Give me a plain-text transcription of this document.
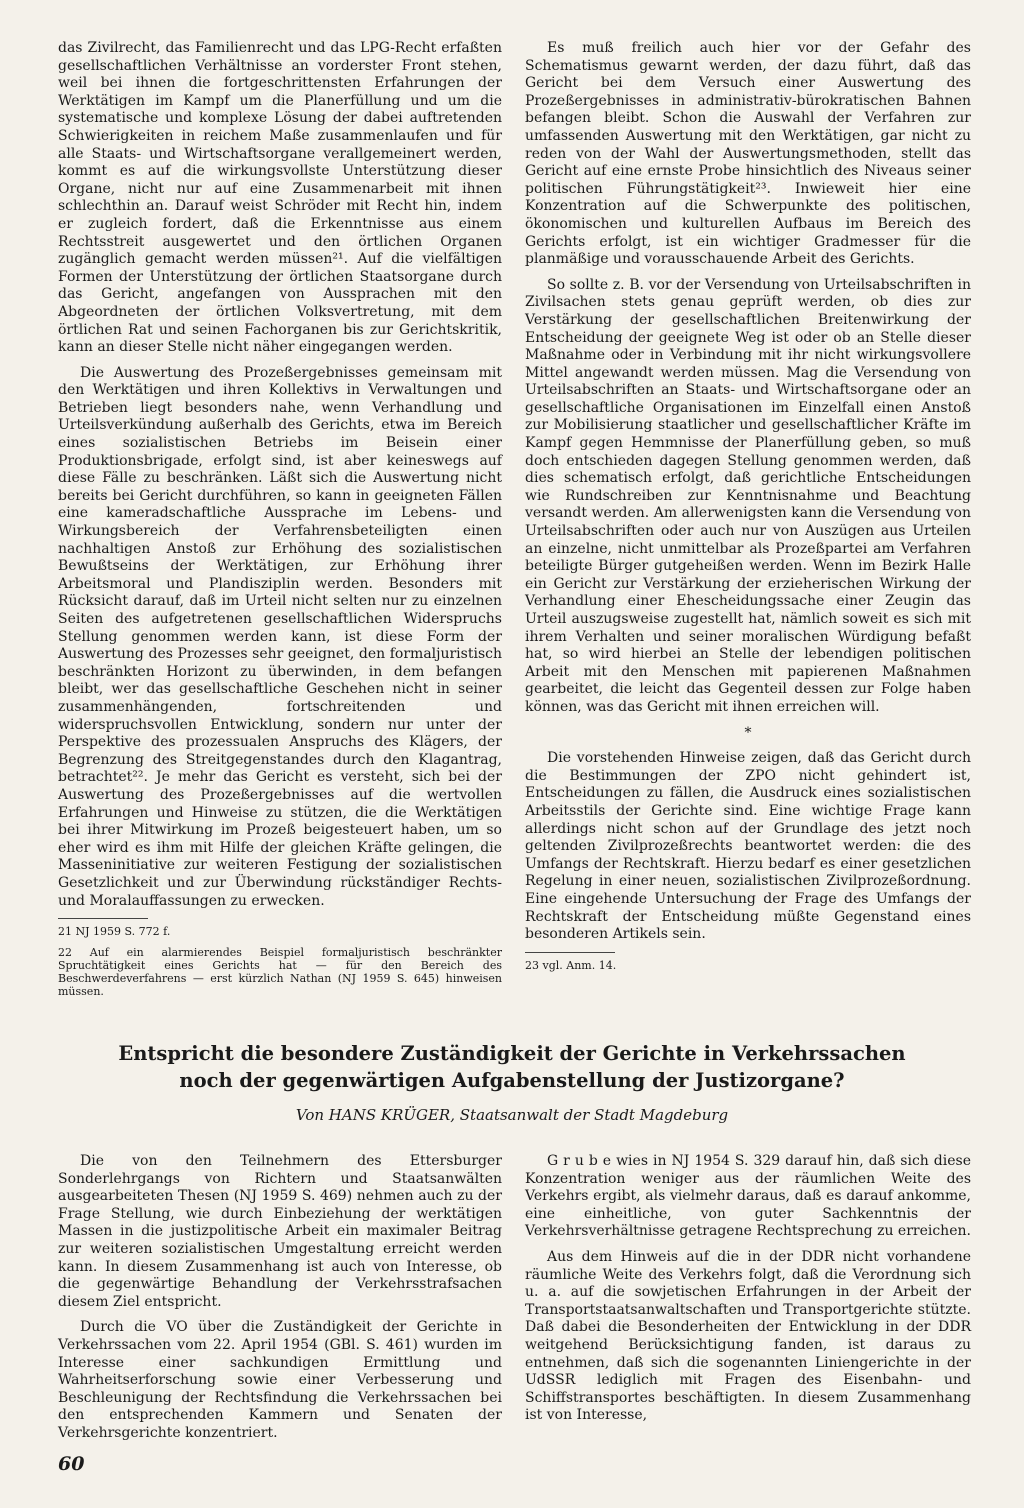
das Zivilrecht, das Familienrecht und das LPG-Recht erfaßten gesellschaftlichen Verhältnisse an vorderster Front stehen, weil bei ihnen die fortgeschrittensten Erfahrungen der Werktätigen im Kampf um die Planerfüllung und um die systematische und komplexe Lösung der dabei auftretenden Schwierigkeiten in reichem Maße zusammenlaufen und für alle Staats- und Wirtschaftsorgane verallgemeinert werden, kommt es auf die wirkungsvollste Unterstützung dieser Organe, nicht nur auf eine Zusammenarbeit mit ihnen schlechthin an. Darauf weist Schröder mit Recht hin, indem er zugleich fordert, daß die Erkenntnisse aus einem Rechtsstreit ausgewertet und den örtlichen Organen zugänglich gemacht werden müssen²¹. Auf die vielfältigen Formen der Unterstützung der örtlichen Staatsorgane durch das Gericht, angefangen von Aussprachen mit den Abgeordneten der örtlichen Volksvertretung, mit dem örtlichen Rat und seinen Fachorganen bis zur Gerichtskritik, kann an dieser Stelle nicht näher eingegangen werden.

Die Auswertung des Prozeßergebnisses gemeinsam mit den Werktätigen und ihren Kollektivs in Verwaltungen und Betrieben liegt besonders nahe, wenn Verhandlung und Urteilsverkündung außerhalb des Gerichts, etwa im Bereich eines sozialistischen Betriebs im Beisein einer Produktionsbrigade, erfolgt sind, ist aber keineswegs auf diese Fälle zu beschränken. Läßt sich die Auswertung nicht bereits bei Gericht durchführen, so kann in geeigneten Fällen eine kameradschaftliche Aussprache im Lebens- und Wirkungsbereich der Verfahrensbeteiligten einen nachhaltigen Anstoß zur Erhöhung des sozialistischen Bewußtseins der Werktätigen, zur Erhöhung ihrer Arbeitsmoral und Plandisziplin werden. Besonders mit Rücksicht darauf, daß im Urteil nicht selten nur zu einzelnen Seiten des aufgetretenen gesellschaftlichen Widerspruchs Stellung genommen werden kann, ist diese Form der Auswertung des Prozesses sehr geeignet, den formaljuristisch beschränkten Horizont zu überwinden, in dem befangen bleibt, wer das gesellschaftliche Geschehen nicht in seiner zusammenhängenden, fortschreitenden und widerspruchsvollen Entwicklung, sondern nur unter der Perspektive des prozessualen Anspruchs des Klägers, der Begrenzung des Streitgegenstandes durch den Klagantrag, betrachtet²². Je mehr das Gericht es versteht, sich bei der Auswertung des Prozeßergebnisses auf die wertvollen Erfahrungen und Hinweise zu stützen, die die Werktätigen bei ihrer Mitwirkung im Prozeß beigesteuert haben, um so eher wird es ihm mit Hilfe der gleichen Kräfte gelingen, die Masseninitiative zur weiteren Festigung der sozialistischen Gesetzlichkeit und zur Überwindung rückständiger Rechts- und Moralauffassungen zu erwecken.

21 NJ 1959 S. 772 f.

22 Auf ein alarmierendes Beispiel formaljuristisch beschränkter Spruchtätigkeit eines Gerichts hat — für den Bereich des Beschwerdeverfahrens — erst kürzlich Nathan (NJ 1959 S. 645) hinweisen müssen.

Es muß freilich auch hier vor der Gefahr des Schematismus gewarnt werden, der dazu führt, daß das Gericht bei dem Versuch einer Auswertung des Prozeßergebnisses in administrativ-bürokratischen Bahnen befangen bleibt. Schon die Auswahl der Verfahren zur umfassenden Auswertung mit den Werktätigen, gar nicht zu reden von der Wahl der Auswertungsmethoden, stellt das Gericht auf eine ernste Probe hinsichtlich des Niveaus seiner politischen Führungstätigkeit²³. Inwieweit hier eine Konzentration auf die Schwerpunkte des politischen, ökonomischen und kulturellen Aufbaus im Bereich des Gerichts erfolgt, ist ein wichtiger Gradmesser für die planmäßige und vorausschauende Arbeit des Gerichts.

So sollte z. B. vor der Versendung von Urteilsabschriften in Zivilsachen stets genau geprüft werden, ob dies zur Verstärkung der gesellschaftlichen Breitenwirkung der Entscheidung der geeignete Weg ist oder ob an Stelle dieser Maßnahme oder in Verbindung mit ihr nicht wirkungsvollere Mittel angewandt werden müssen. Mag die Versendung von Urteilsabschriften an Staats- und Wirtschaftsorgane oder an gesellschaftliche Organisationen im Einzelfall einen Anstoß zur Mobilisierung staatlicher und gesellschaftlicher Kräfte im Kampf gegen Hemmnisse der Planerfüllung geben, so muß doch entschieden dagegen Stellung genommen werden, daß dies schematisch erfolgt, daß gerichtliche Entscheidungen wie Rundschreiben zur Kenntnisnahme und Beachtung versandt werden. Am allerwenigsten kann die Versendung von Urteilsabschriften oder auch nur von Auszügen aus Urteilen an einzelne, nicht unmittelbar als Prozeßpartei am Verfahren beteiligte Bürger gutgeheißen werden. Wenn im Bezirk Halle ein Gericht zur Verstärkung der erzieherischen Wirkung der Verhandlung einer Ehescheidungssache einer Zeugin das Urteil auszugsweise zugestellt hat, nämlich soweit es sich mit ihrem Verhalten und seiner moralischen Würdigung befaßt hat, so wird hierbei an Stelle der lebendigen politischen Arbeit mit den Menschen mit papierenen Maßnahmen gearbeitet, die leicht das Gegenteil dessen zur Folge haben können, was das Gericht mit ihnen erreichen will.

*

Die vorstehenden Hinweise zeigen, daß das Gericht durch die Bestimmungen der ZPO nicht gehindert ist, Entscheidungen zu fällen, die Ausdruck eines sozialistischen Arbeitsstils der Gerichte sind. Eine wichtige Frage kann allerdings nicht schon auf der Grundlage des jetzt noch geltenden Zivilprozeßrechts beantwortet werden: die des Umfangs der Rechtskraft. Hierzu bedarf es einer gesetzlichen Regelung in einer neuen, sozialistischen Zivilprozeßordnung. Eine eingehende Untersuchung der Frage des Umfangs der Rechtskraft der Entscheidung müßte Gegenstand eines besonderen Artikels sein.

23 vgl. Anm. 14.

Entspricht die besondere Zuständigkeit der Gerichte in Verkehrssachen
noch der gegenwärtigen Aufgabenstellung der Justizorgane?
Von HANS KRÜGER, Staatsanwalt der Stadt Magdeburg

Die von den Teilnehmern des Ettersburger Sonderlehrgangs von Richtern und Staatsanwälten ausgearbeiteten Thesen (NJ 1959 S. 469) nehmen auch zu der Frage Stellung, wie durch Einbeziehung der werktätigen Massen in die justizpolitische Arbeit ein maximaler Beitrag zur weiteren sozialistischen Umgestaltung erreicht werden kann. In diesem Zusammenhang ist auch von Interesse, ob die gegenwärtige Behandlung der Verkehrsstrafsachen diesem Ziel entspricht.

Durch die VO über die Zuständigkeit der Gerichte in Verkehrssachen vom 22. April 1954 (GBl. S. 461) wurden im Interesse einer sachkundigen Ermittlung und Wahrheitserforschung sowie einer Verbesserung und Beschleunigung der Rechtsfindung die Verkehrssachen bei den entsprechenden Kammern und Senaten der Verkehrsgerichte konzentriert.

G r u b e wies in NJ 1954 S. 329 darauf hin, daß sich diese Konzentration weniger aus der räumlichen Weite des Verkehrs ergibt, als vielmehr daraus, daß es darauf ankomme, eine einheitliche, von guter Sachkenntnis der Verkehrsverhältnisse getragene Rechtsprechung zu erreichen.

Aus dem Hinweis auf die in der DDR nicht vorhandene räumliche Weite des Verkehrs folgt, daß die Verordnung sich u. a. auf die sowjetischen Erfahrungen in der Arbeit der Transportstaatsanwaltschaften und Transportgerichte stützte. Daß dabei die Besonderheiten der Entwicklung in der DDR weitgehend Berücksichtigung fanden, ist daraus zu entnehmen, daß sich die sogenannten Liniengerichte in der UdSSR lediglich mit Fragen des Eisenbahn- und Schiffstransportes beschäftigten. In diesem Zusammenhang ist von Interesse,

60
